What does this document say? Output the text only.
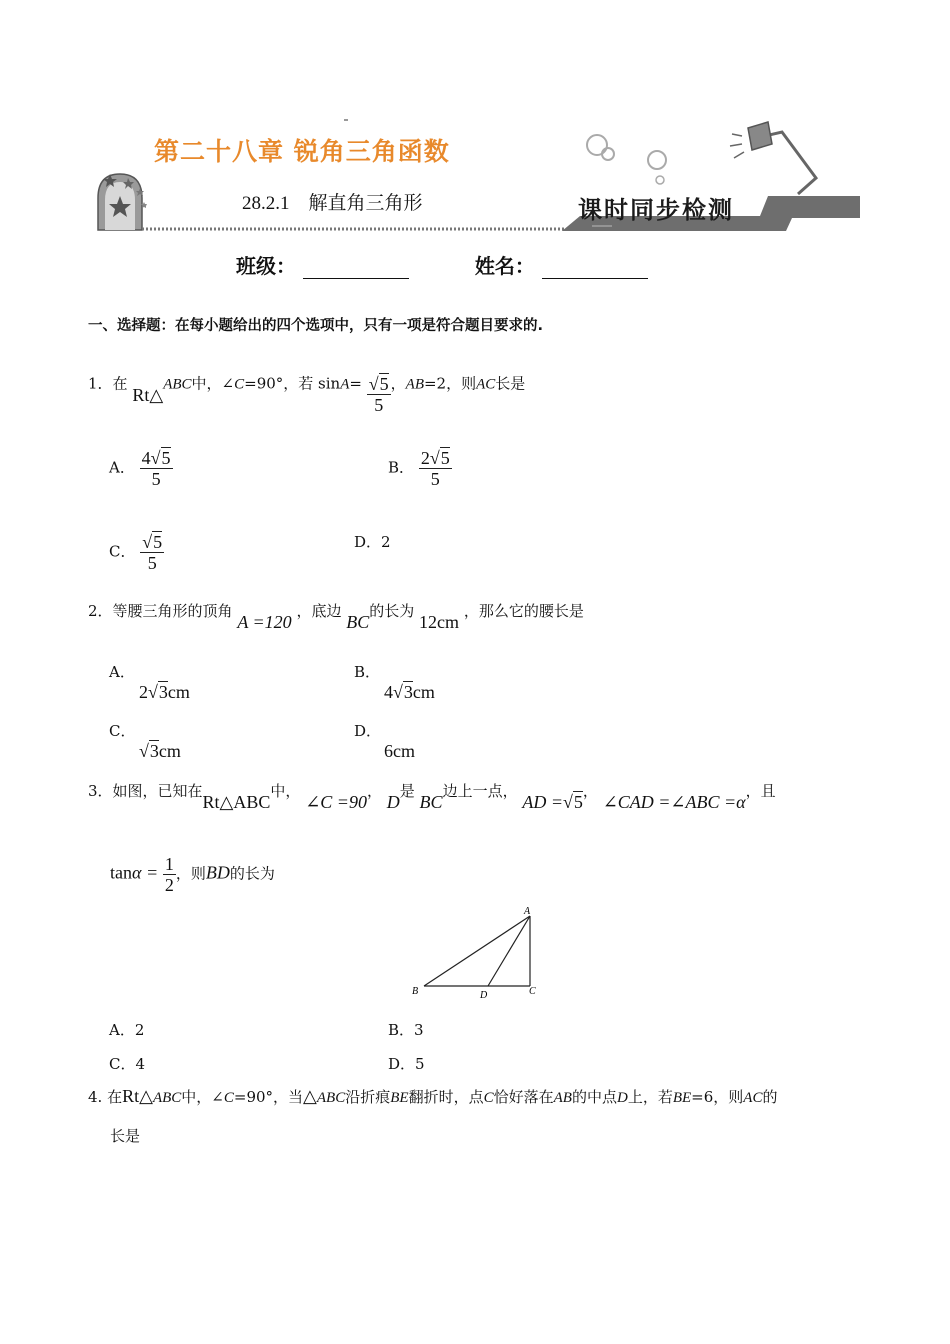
第二十八章 锐角三角函数
28.2.1　解直角三角形	课时同步检测
班级：	姓名：
一、选择题：在每小题给出的四个选项中，只有一项是符合题目要求的.
1．在 Rt△ABC中，∠C=90°，若 $\sin A= \frac{√5}{5}$ ，AB=2，则AC长是
A． $\frac{4√5}{5}$	B． $\frac{2√5}{5}$
C． $\frac{√5}{5}$	D．2
2．等腰三角形的顶角 A =120 ，底边 BC的长为 12cm ，那么它的腰长是
A．
2√3cm
B．
4√3cm
C．
√3cm
D．
6cm
3．如图，已知在Rt△ABC中， ∠C =90， D是 BC边上一点， AD =√5， ∠CAD =∠ABC =α，且
$\tan\alpha = \frac{1}{2}$ ，则BD的长为
A
B	C
D
A．2	B．3
C．4	D．5
4. 在Rt△ABC中，∠C=90°，当△ABC沿折痕BE翻折时，点C恰好落在AB的中点D上，若BE=6，则AC的
长是
